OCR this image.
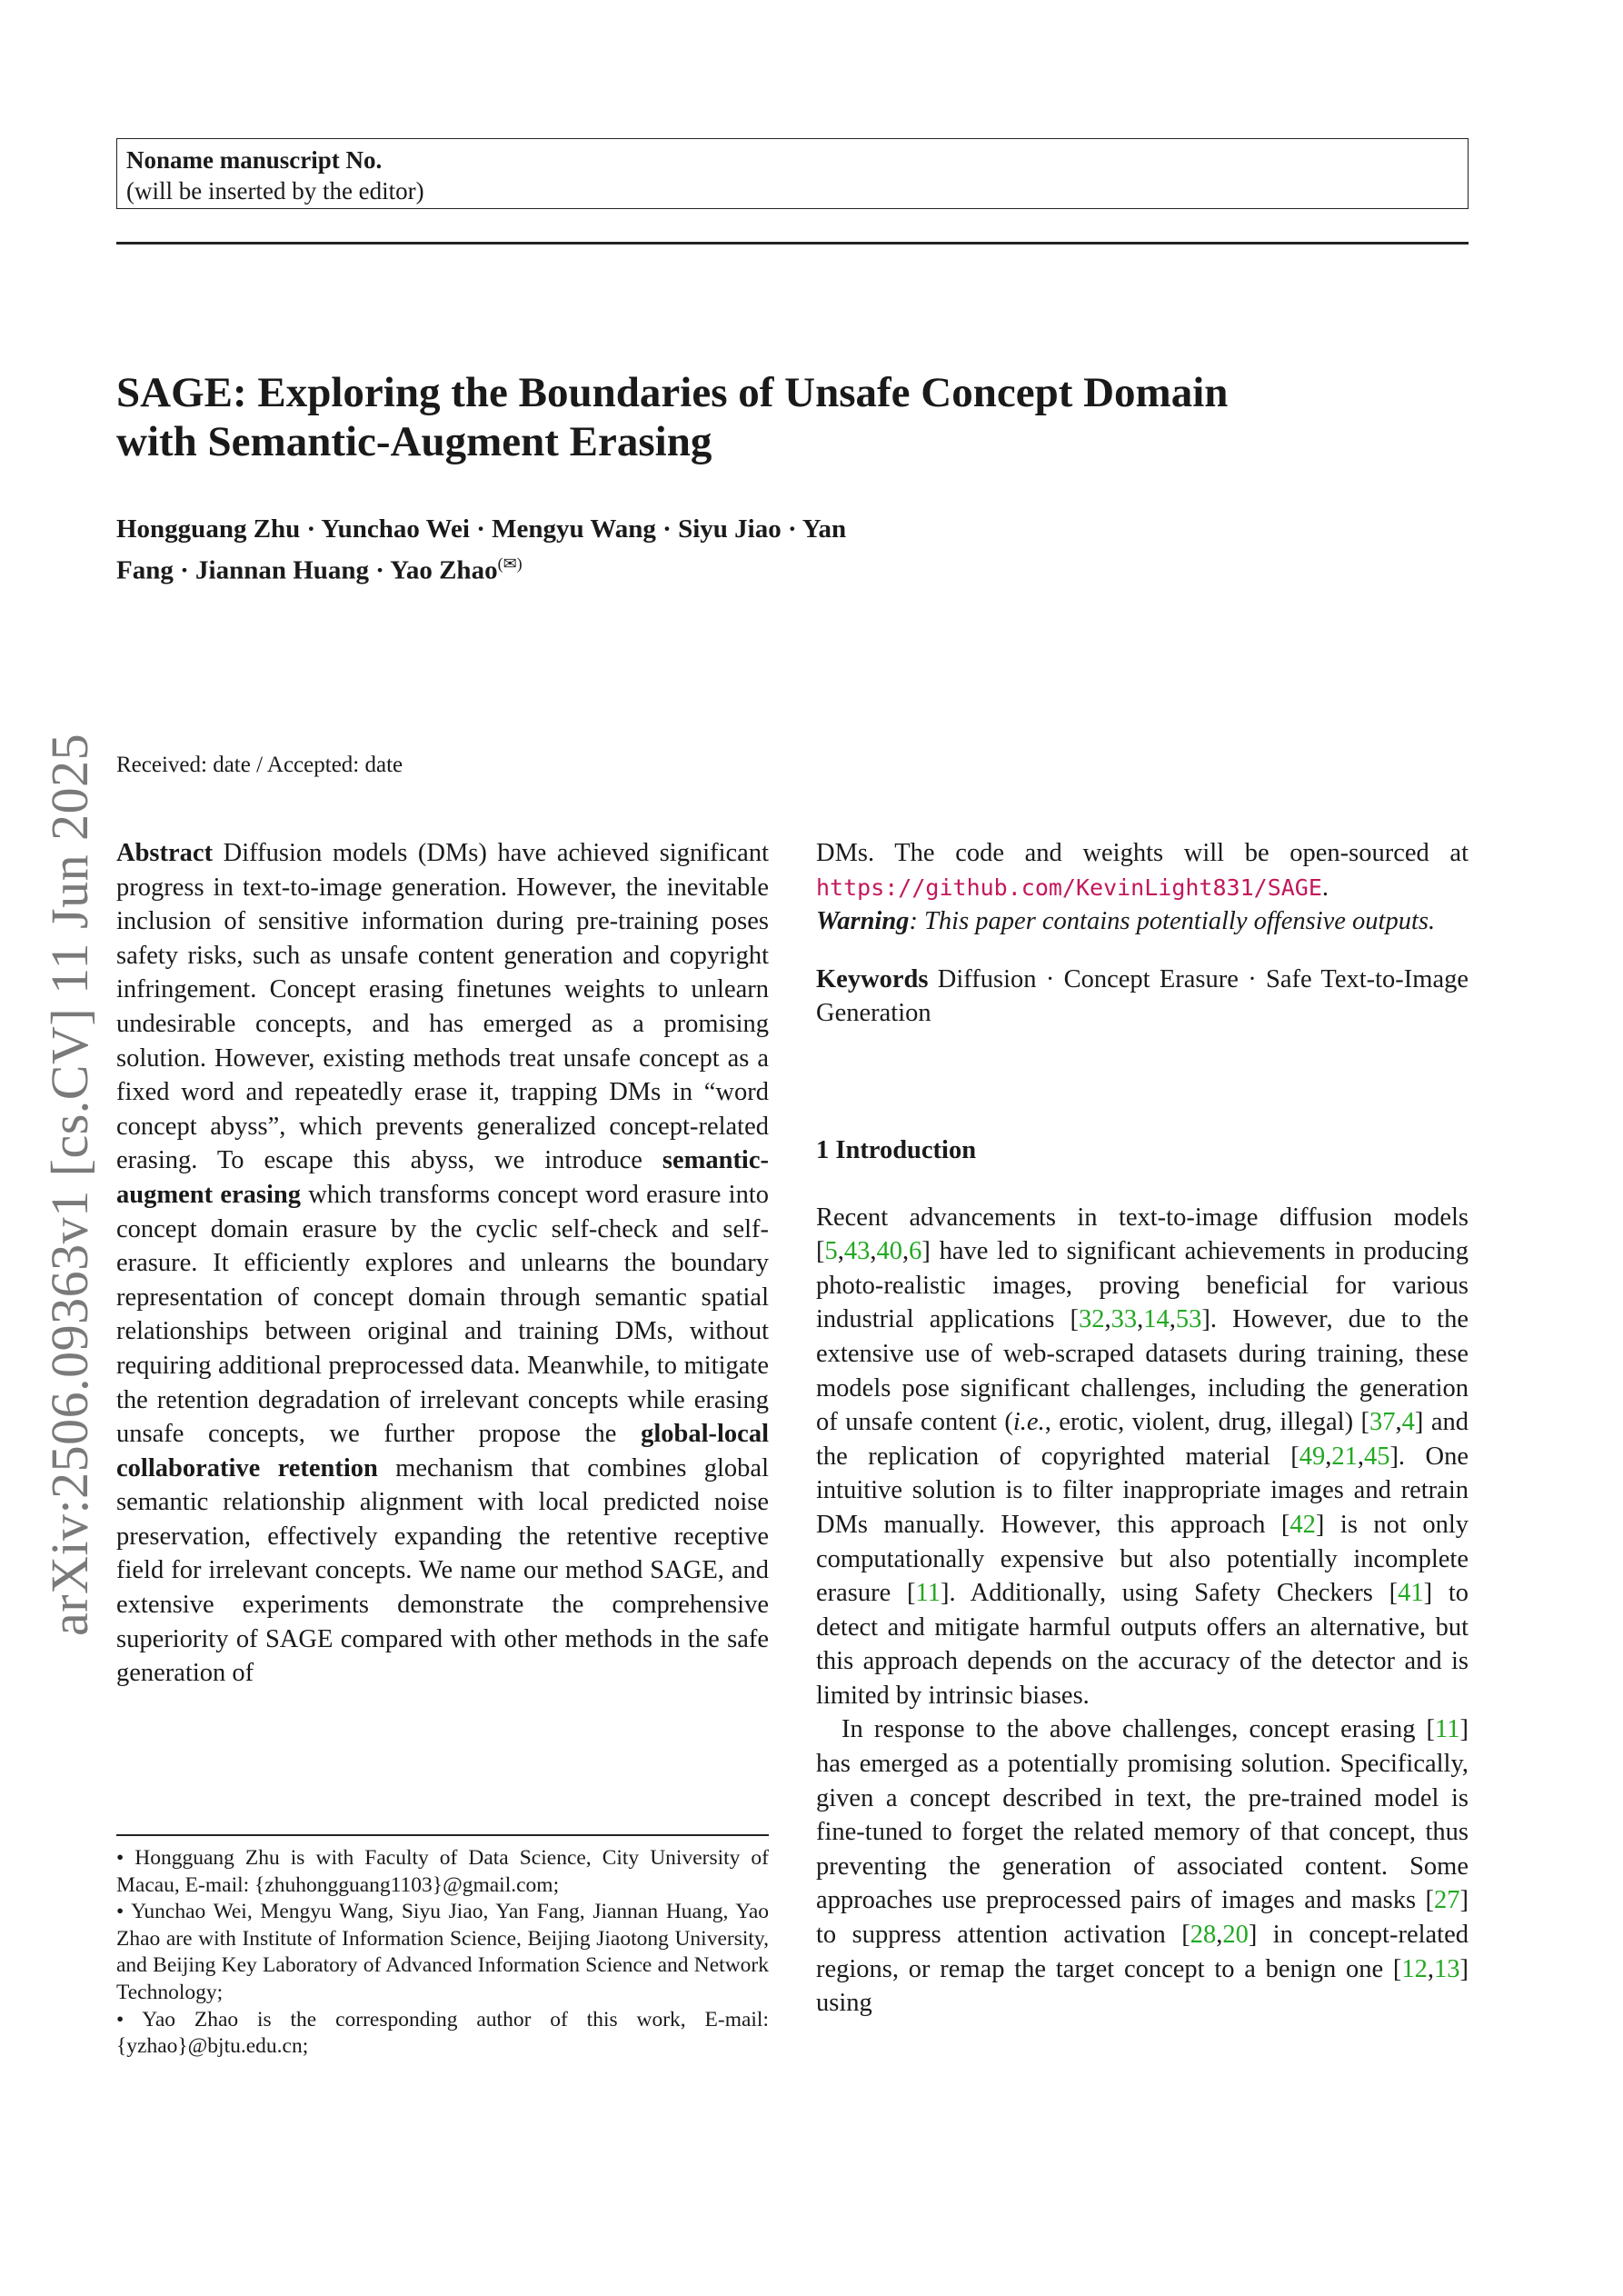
Noname manuscript No.
(will be inserted by the editor)
SAGE: Exploring the Boundaries of Unsafe Concept Domain
with Semantic-Augment Erasing
Hongguang Zhu · Yunchao Wei · Mengyu Wang · Siyu Jiao · Yan
Fang · Jiannan Huang · Yao Zhao(✉)
arXiv:2506.09363v1 [cs.CV] 11 Jun 2025 Received: date / Accepted: date

Abstract Diffusion models (DMs) have achieved significant progress in text-to-image generation. However, the inevitable inclusion of sensitive information during pre-training poses safety risks, such as unsafe content generation and copyright infringement. Concept erasing finetunes weights to unlearn undesirable concepts, and has emerged as a promising solution. However, existing methods treat unsafe concept as a fixed word and repeatedly erase it, trapping DMs in “word concept abyss”, which prevents generalized concept-related erasing. To escape this abyss, we introduce semantic-augment erasing which transforms concept word erasure into concept domain erasure by the cyclic self-check and self-erasure. It efficiently explores and unlearns the boundary representation of concept domain through semantic spatial relationships between original and training DMs, without requiring additional preprocessed data. Meanwhile, to mitigate the retention degradation of irrelevant concepts while erasing unsafe concepts, we further propose the global-local collaborative retention mechanism that combines global semantic relationship alignment with local predicted noise preservation, effectively expanding the retentive receptive field for irrelevant concepts. We name our method SAGE, and extensive experiments demonstrate the comprehensive superiority of SAGE compared with other methods in the safe generation of

DMs. The code and weights will be open-sourced at https://github.com/KevinLight831/SAGE.

Warning: This paper contains potentially offensive outputs.

Keywords Diffusion · Concept Erasure · Safe Text-to-Image Generation

1 Introduction

Recent advancements in text-to-image diffusion models [5,43,40,6] have led to significant achievements in producing photo-realistic images, proving beneficial for various industrial applications [32,33,14,53]. However, due to the extensive use of web-scraped datasets during training, these models pose significant challenges, including the generation of unsafe content (i.e., erotic, violent, drug, illegal) [37,4] and the replication of copyrighted material [49,21,45]. One intuitive solution is to filter inappropriate images and retrain DMs manually. However, this approach [42] is not only computationally expensive but also potentially incomplete erasure [11]. Additionally, using Safety Checkers [41] to detect and mitigate harmful outputs offers an alternative, but this approach depends on the accuracy of the detector and is limited by intrinsic biases.

In response to the above challenges, concept erasing [11] has emerged as a potentially promising solution. Specifically, given a concept described in text, the pre-trained model is fine-tuned to forget the related memory of that concept, thus preventing the generation of associated content. Some approaches use preprocessed pairs of images and masks [27] to suppress attention activation [28,20] in concept-related regions, or remap the target concept to a benign one [12,13] using

• Hongguang Zhu is with Faculty of Data Science, City University of Macau, E-mail: {zhuhongguang1103}@gmail.com;

• Yunchao Wei, Mengyu Wang, Siyu Jiao, Yan Fang, Jiannan Huang, Yao Zhao are with Institute of Information Science, Beijing Jiaotong University, and Beijing Key Laboratory of Advanced Information Science and Network Technology;

• Yao Zhao is the corresponding author of this work, E-mail: {yzhao}@bjtu.edu.cn;
